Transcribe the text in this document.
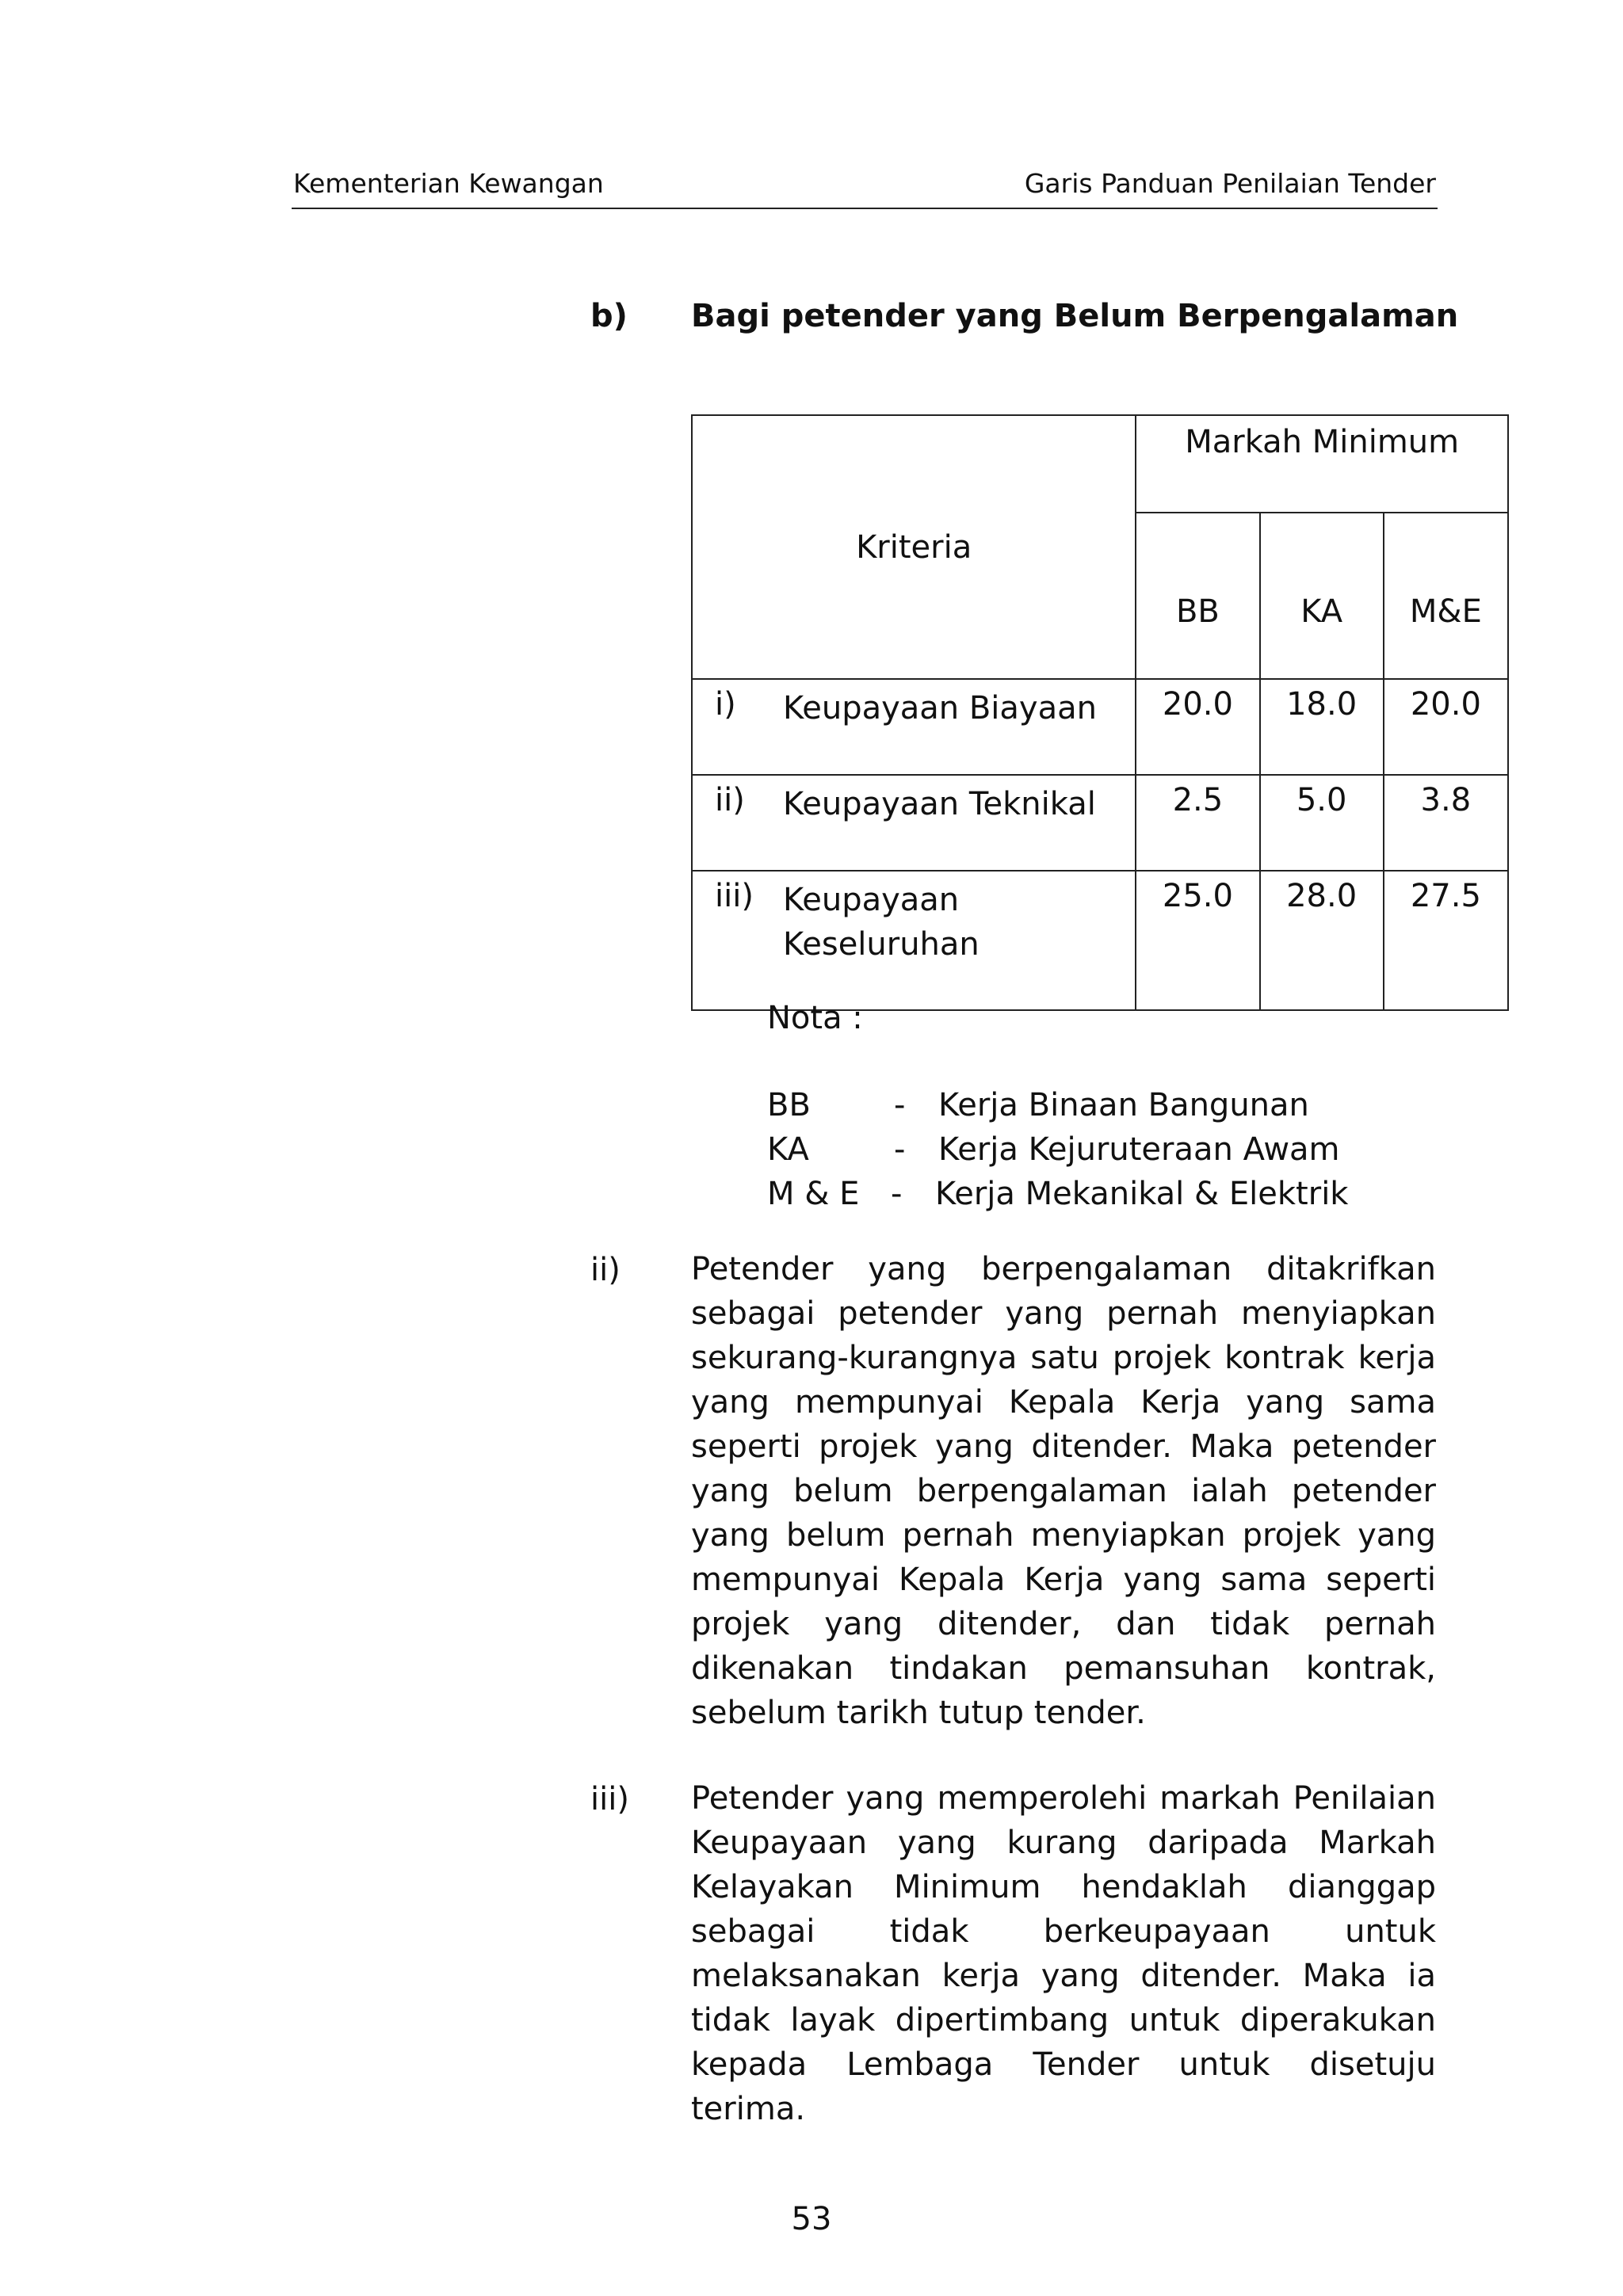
Kementerian Kewangan	Garis Panduan Penilaian Tender
b) Bagi petender yang Belum Berpengalaman
Kriteria	Markah Minimum		
	BB	KA	M&E
i) Keupayaan Biayaan	20.0	18.0	20.0
ii) Keupayaan Teknikal	2.5	5.0	3.8
iii) Keupayaan
Keseluruhan	25.0	28.0	27.5
Nota :
BB	- Kerja Binaan Bangunan
KA	- Kerja Kejuruteraan Awam
M & E - Kerja Mekanikal & Elektrik
ii) Petender yang berpengalaman ditakrifkan sebagai petender yang pernah menyiapkan sekurang-kurangnya satu projek kontrak kerja yang mempunyai Kepala Kerja yang sama seperti projek yang ditender. Maka petender yang belum berpengalaman ialah petender yang belum pernah menyiapkan projek yang mempunyai Kepala Kerja yang sama seperti projek yang ditender, dan tidak pernah dikenakan tindakan pemansuhan kontrak, sebelum tarikh tutup tender.
iii) Petender yang memperolehi markah Penilaian Keupayaan yang kurang daripada Markah Kelayakan Minimum hendaklah dianggap sebagai tidak berkeupayaan untuk melaksanakan kerja yang ditender. Maka ia tidak layak dipertimbang untuk diperakukan kepada Lembaga Tender untuk disetuju terima.
53
